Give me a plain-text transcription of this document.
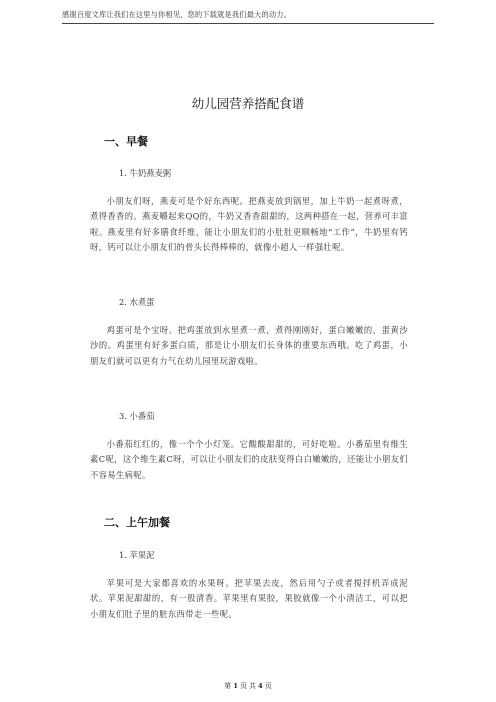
感谢百度文库让我们在这里与你相见，您的下载就是我们最大的动力。
幼儿园营养搭配食谱
一、早餐
1. 牛奶燕麦粥
小朋友们呀，燕麦可是个好东西呢。把燕麦放到锅里，加上牛奶一起煮呀煮，煮得香香的。燕麦嚼起来QQ的，牛奶又香香甜甜的，这两种搭在一起，营养可丰富啦。燕麦里有好多膳食纤维，能让小朋友们的小肚肚更顺畅地“工作”，牛奶里有钙呀，钙可以让小朋友们的骨头长得棒棒的，就像小超人一样强壮呢。
2. 水煮蛋
鸡蛋可是个宝呀。把鸡蛋放到水里煮一煮，煮得刚刚好，蛋白嫩嫩的，蛋黄沙沙的。鸡蛋里有好多蛋白质，那是让小朋友们长身体的重要东西哦。吃了鸡蛋，小朋友们就可以更有力气在幼儿园里玩游戏啦。
3. 小番茄
小番茄红红的，像一个个小灯笼。它酸酸甜甜的，可好吃啦。小番茄里有维生素C呢，这个维生素C呀，可以让小朋友们的皮肤变得白白嫩嫩的，还能让小朋友们不容易生病呢。
二、上午加餐
1. 苹果泥
苹果可是大家都喜欢的水果呀。把苹果去皮，然后用勺子或者搅拌机弄成泥状。苹果泥甜甜的，有一股清香。苹果里有果胶，果胶就像一个小清洁工，可以把小朋友们肚子里的脏东西带走一些呢。
第 1 页 共 4 页
